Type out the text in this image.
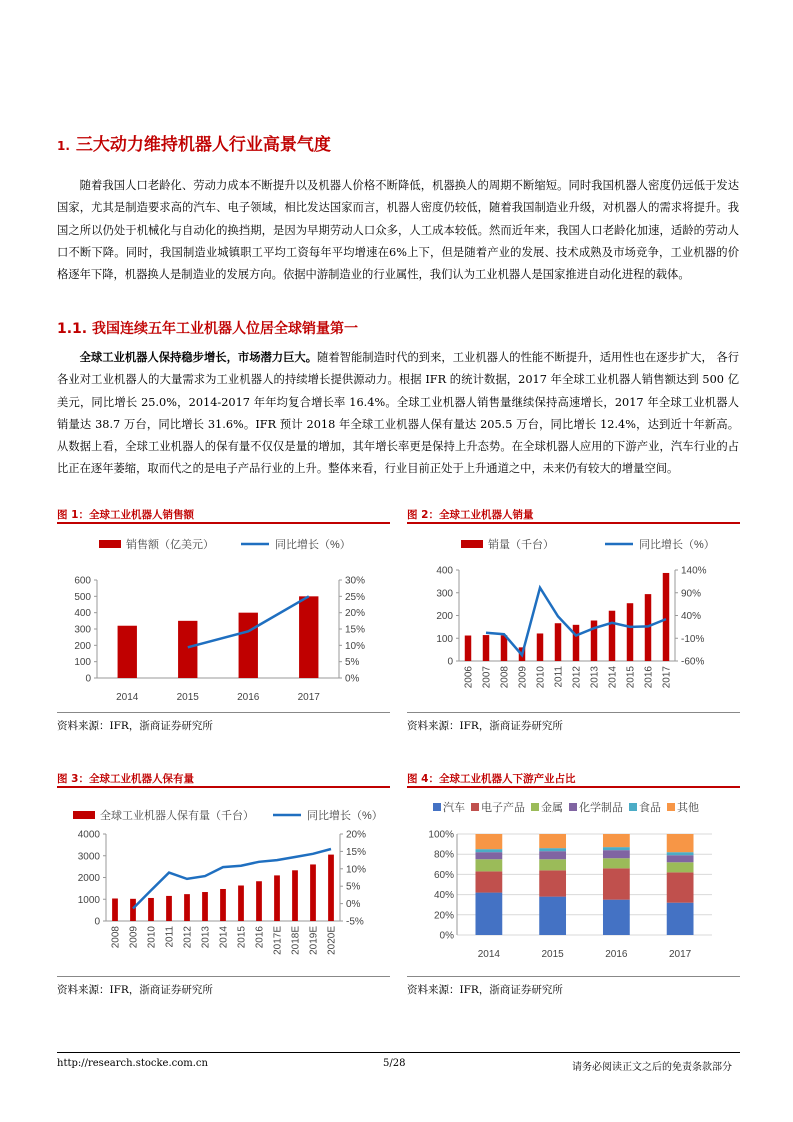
1. 三大动力维持机器人行业高景气度

随着我国人口老龄化、劳动力成本不断提升以及机器人价格不断降低，机器换人的周期不断缩短。同时我国机器人密度仍远低于发达国家，尤其是制造要求高的汽车、电子领域，相比发达国家而言，机器人密度仍较低，随着我国制造业升级，对机器人的需求将提升。我国之所以仍处于机械化与自动化的换挡期，是因为早期劳动人口众多，人工成本较低。然而近年来，我国人口老龄化加速，适龄的劳动人口不断下降。同时，我国制造业城镇职工平均工资每年平均增速在6%上下，但是随着产业的发展、技术成熟及市场竞争，工业机器的价格逐年下降，机器换人是制造业的发展方向。依据中游制造业的行业属性，我们认为工业机器人是国家推进自动化进程的载体。

1.1. 我国连续五年工业机器人位居全球销量第一

全球工业机器人保持稳步增长，市场潜力巨大。随着智能制造时代的到来，工业机器人的性能不断提升，适用性也在逐步扩大， 各行各业对工业机器人的大量需求为工业机器人的持续增长提供源动力。根据 IFR 的统计数据，2017 年全球工业机器人销售额达到 500 亿美元，同比增长 25.0%，2014-2017 年年均复合增长率 16.4%。全球工业机器人销售量继续保持高速增长，2017 年全球工业机器人销量达 38.7 万台，同比增长 31.6%。IFR 预计 2018 年全球工业机器人保有量达 205.5 万台，同比增长 12.4%，达到近十年新高。从数据上看，全球工业机器人的保有量不仅仅是量的增加，其年增长率更是保持上升态势。在全球机器人应用的下游产业，汽车行业的占比正在逐年萎缩，取而代之的是电子产品行业的上升。整体来看，行业目前正处于上升通道之中，未来仍有较大的增量空间。

图 1：全球工业机器人销售额
资料来源：IFR，浙商证券研究所
图 2：全球工业机器人销量
资料来源：IFR，浙商证券研究所
图 3：全球工业机器人保有量
资料来源：IFR，浙商证券研究所
图 4：全球工业机器人下游产业占比
资料来源：IFR，浙商证券研究所
销售额（亿美元）	同比增长（%）
600
500
400
300
200
100
0
30%
25%
20%
15%
10%
5%
0%
2014	2015	2016	2017
销量（千台）	同比增长（%）
400
300
200
100
0
140%
90%
40%
-10%
-60%
2006 2007 2008 2009 2010 2011 2012 2013 2014 2015 2016 2017
全球工业机器人保有量（千台）	同比增长（%）
4000
3000
2000
1000
0
20%
15%
10%
5%
0%
-5%
2008 2009 2010 2011 2012 2013 2014 2015 2016 2017E 2018E 2019E 2020E
汽车 电子产品 金属 化学制品 食品 其他
100%
80%
60%
40%
20%
0%
2014	2015	2016	2017
http://research.stocke.com.cn	5/28	请务必阅读正文之后的免责条款部分
